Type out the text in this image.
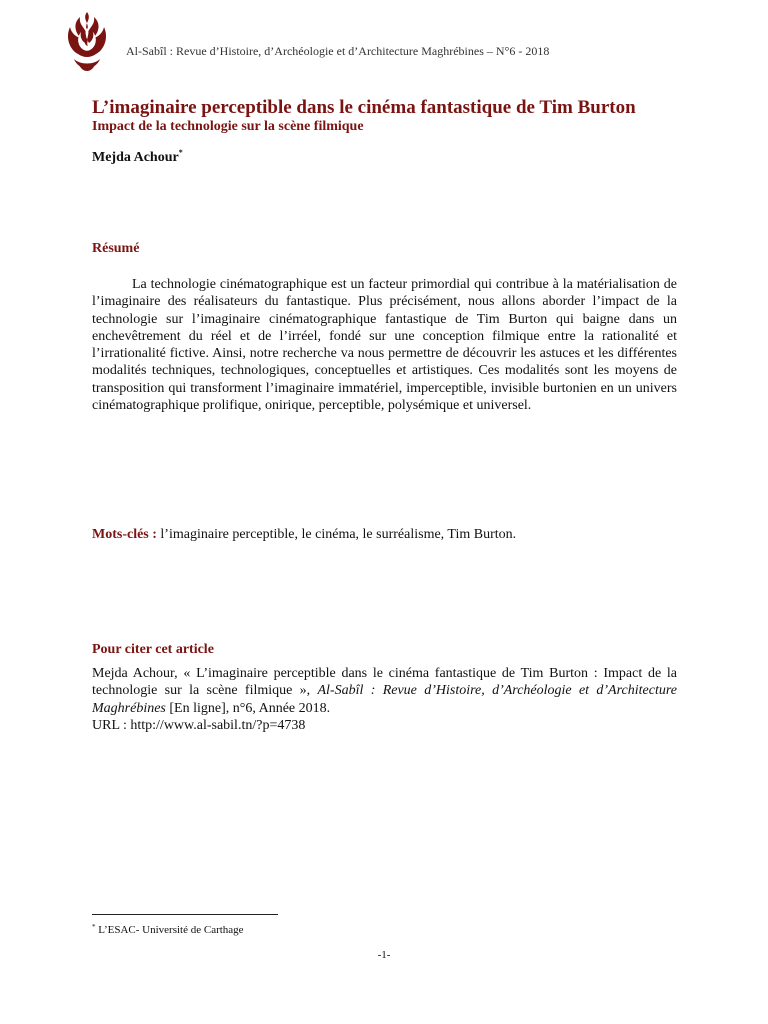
Al-Sabîl : Revue d’Histoire, d’Archéologie et d’Architecture Maghrébines – N°6 - 2018
L’imaginaire perceptible dans le cinéma fantastique de Tim Burton
Impact de la technologie sur la scène filmique
Mejda Achour*
Résumé

La technologie cinématographique est un facteur primordial qui contribue à la matérialisation de l’imaginaire des réalisateurs du fantastique. Plus précisément, nous allons aborder l’impact de la technologie sur l’imaginaire cinématographique fantastique de Tim Burton qui baigne dans un enchevêtrement du réel et de l’irréel, fondé sur une conception filmique entre la rationalité et l’irrationalité fictive. Ainsi, notre recherche va nous permettre de découvrir les astuces et les différentes modalités techniques, technologiques, conceptuelles et artistiques. Ces modalités sont les moyens de transposition qui transforment l’imaginaire immatériel, imperceptible, invisible burtonien en un univers cinématographique prolifique, onirique, perceptible, polysémique et universel.

Mots-clés : l’imaginaire perceptible, le cinéma, le surréalisme, Tim Burton.
Pour citer cet article

Mejda Achour, « L’imaginaire perceptible dans le cinéma fantastique de Tim Burton : Impact de la technologie sur la scène filmique », Al-Sabîl : Revue d’Histoire, d’Archéologie et d’Architecture Maghrébines [En ligne], n°6, Année 2018.

URL : http://www.al-sabil.tn/?p=4738
* L’ESAC- Université de Carthage
-1-
